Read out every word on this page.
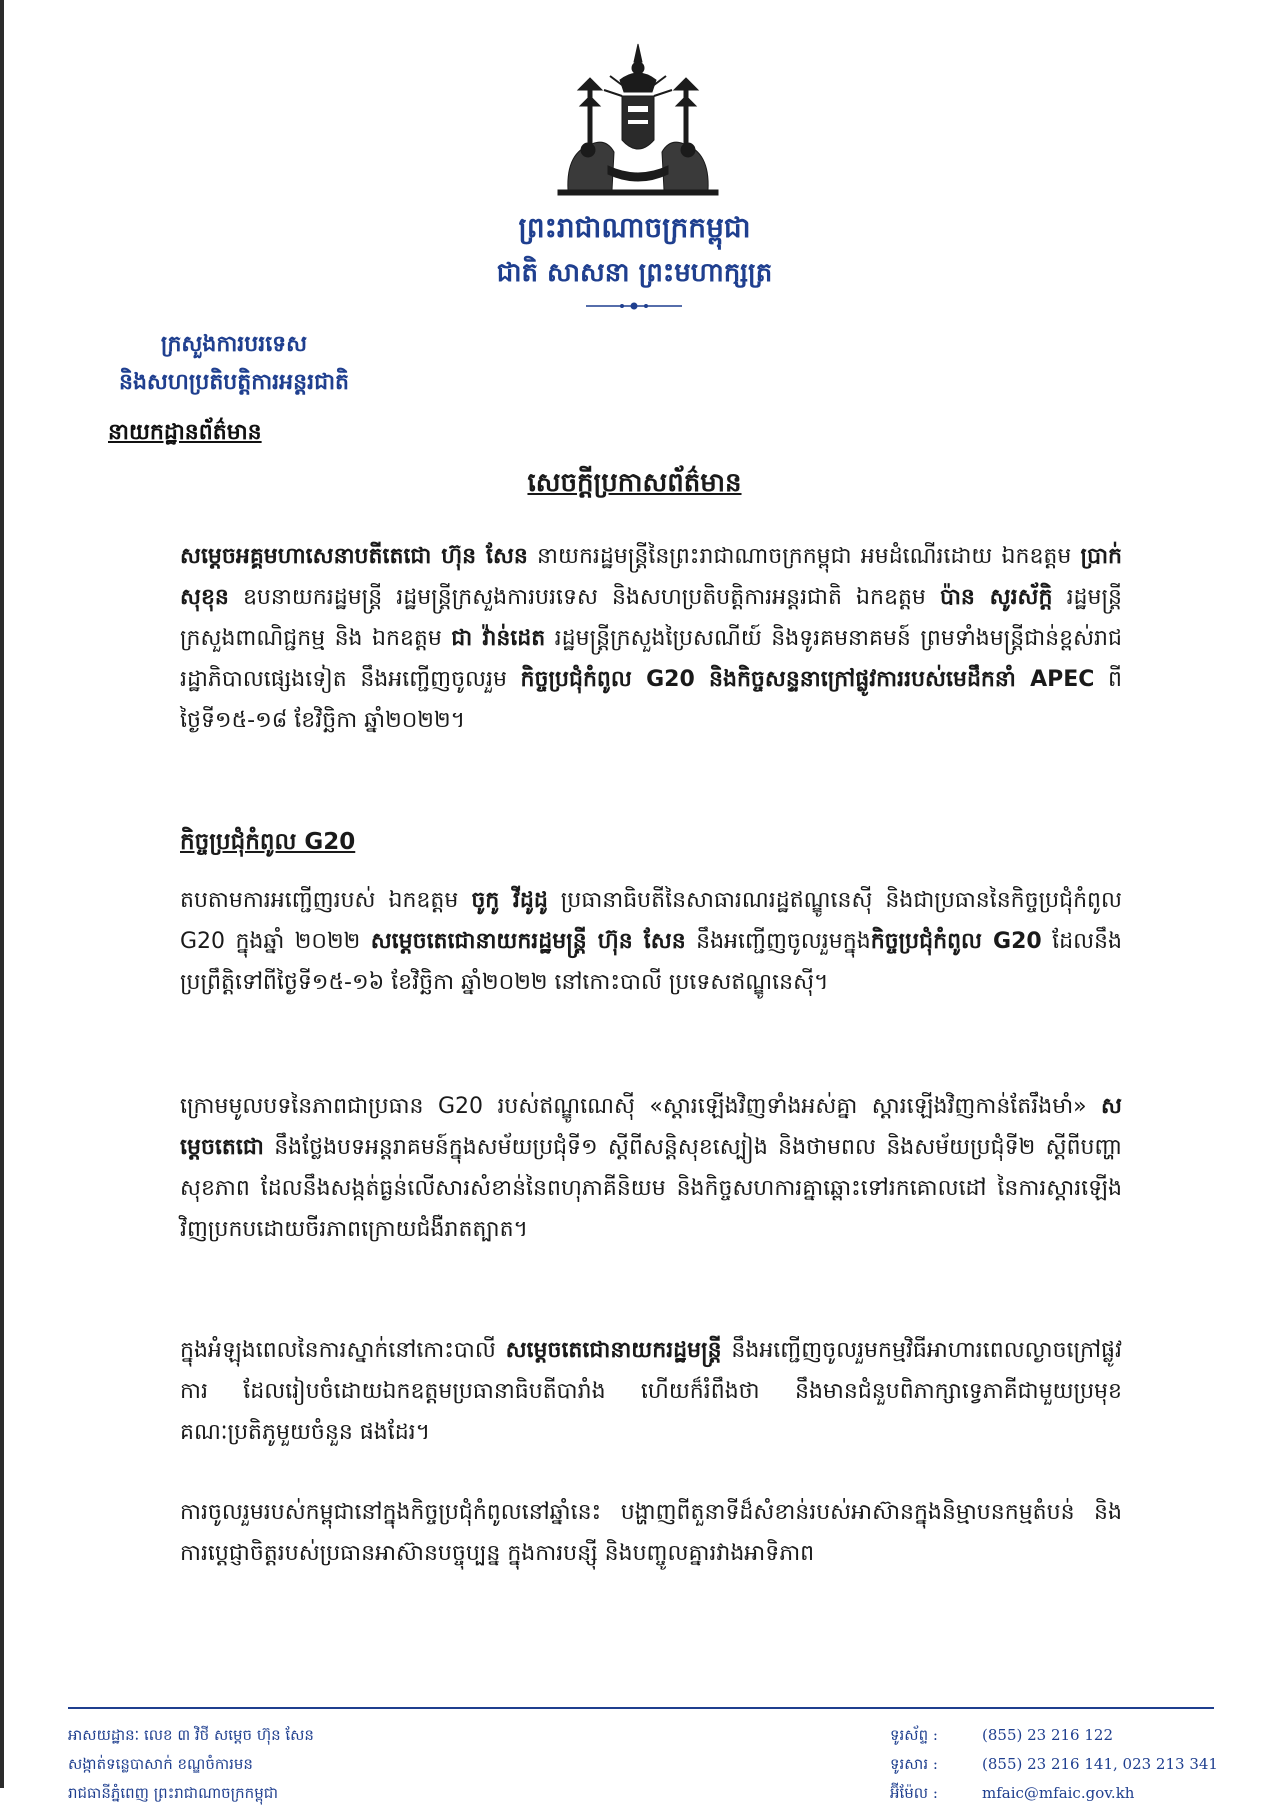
ព្រះរាជាណាចក្រកម្ពុជា
ជាតិ សាសនា ព្រះមហាក្សត្រ
ក្រសួងការបរទេស
និងសហប្រតិបត្តិការអន្តរជាតិ
នាយកដ្ឋានព័ត៌មាន
សេចក្តីប្រកាសព័ត៌មាន

សម្តេចអគ្គមហាសេនាបតីតេជោ ហ៊ុន សែន នាយករដ្ឋមន្ត្រីនៃព្រះរាជាណាចក្រកម្ពុជា អមដំណើរដោយ ឯកឧត្តម ប្រាក់ សុខុន ឧបនាយករដ្ឋមន្ត្រី រដ្ឋមន្ត្រីក្រសួងការបរទេស និងសហប្រតិបត្តិការអន្តរជាតិ ឯកឧត្តម ប៉ាន សូរស័ក្តិ រដ្ឋមន្ត្រីក្រសួងពាណិជ្ជកម្ម និង ឯកឧត្តម ជា វ៉ាន់ដេត រដ្ឋមន្ត្រីក្រសួងប្រៃសណីយ៍ និងទូរគមនាគមន៍ ព្រមទាំងមន្ត្រីជាន់ខ្ពស់រាជរដ្ឋាភិបាលផ្សេងទៀត នឹងអញ្ជើញចូលរួម កិច្ចប្រជុំកំពូល G20 និងកិច្ចសន្ទនាក្រៅផ្លូវការរបស់មេដឹកនាំ APEC ពីថ្ងៃទី១៥-១៨ ខែវិច្ឆិកា ឆ្នាំ២០២២។

កិច្ចប្រជុំកំពូល G20

តបតាមការអញ្ជើញរបស់ ឯកឧត្តម ចូកូ វីដូដូ ប្រធានាធិបតីនៃសាធារណរដ្ឋឥណ្ឌូនេស៊ី និងជាប្រធាននៃកិច្ចប្រជុំកំពូល G20 ក្នុងឆ្នាំ ២០២២ សម្តេចតេជោនាយករដ្ឋមន្ត្រី ហ៊ុន សែន នឹងអញ្ជើញចូលរួមក្នុងកិច្ចប្រជុំកំពូល G20 ដែលនឹងប្រព្រឹត្តិទៅពីថ្ងៃទី១៥-១៦ ខែវិច្ឆិកា ឆ្នាំ២០២២ នៅកោះបាលី ប្រទេសឥណ្ឌូនេស៊ី។

ក្រោមមូលបទនៃភាពជាប្រធាន G20 របស់ឥណ្ឌូណេស៊ី «ស្តារឡើងវិញទាំងអស់គ្នា ស្តារឡើងវិញកាន់តែរឹងមាំ» សម្តេចតេជោ នឹងថ្លែងបទអន្តរាគមន៍ក្នុងសម័យប្រជុំទី១ ស្តីពីសន្តិសុខស្បៀង និងថាមពល និងសម័យប្រជុំទី២ ស្តីពីបញ្ហាសុខភាព ដែលនឹងសង្កត់ធ្ងន់លើសារសំខាន់នៃពហុភាគីនិយម និងកិច្ចសហការគ្នាឆ្ពោះទៅរកគោលដៅ នៃការស្តារឡើងវិញប្រកបដោយចីរភាពក្រោយជំងឺរាតត្បាត។

ក្នុងអំឡុងពេលនៃការស្នាក់នៅកោះបាលី សម្តេចតេជោនាយករដ្ឋមន្ត្រី នឹងអញ្ជើញចូលរួមកម្មវិធីអាហារពេលល្ងាចក្រៅផ្លូវការ ដែលរៀបចំដោយឯកឧត្តមប្រធានាធិបតីបារាំង ហើយក៏រំពឹងថា នឹងមានជំនួបពិភាក្សាទ្វេភាគីជាមួយប្រមុខគណៈប្រតិភូមួយចំនួន ផងដែរ។

ការចូលរួមរបស់កម្ពុជានៅក្នុងកិច្ចប្រជុំកំពូលនៅឆ្នាំនេះ បង្ហាញពីតួនាទីដ៏សំខាន់របស់អាស៊ានក្នុងនិម្មាបនកម្មតំបន់ និងការប្តេជ្ញាចិត្តរបស់ប្រធានអាស៊ានបច្ចុប្បន្ន ក្នុងការបន្ស៊ី និងបញ្ចូលគ្នារវាងអាទិភាព

អាសយដ្ឋានៈ លេខ ៣ វិថី សម្តេច ហ៊ុន សែន
សង្កាត់ទន្លេបាសាក់ ខណ្ឌចំការមន
រាជធានីភ្នំពេញ ព្រះរាជាណាចក្រកម្ពុជា
ទូរស័ព្ទ :	(855) 23 216 122
ទូរសារ :	(855) 23 216 141, 023 213 341
អ៊ីម៉ែល :	mfaic@mfaic.gov.kh
